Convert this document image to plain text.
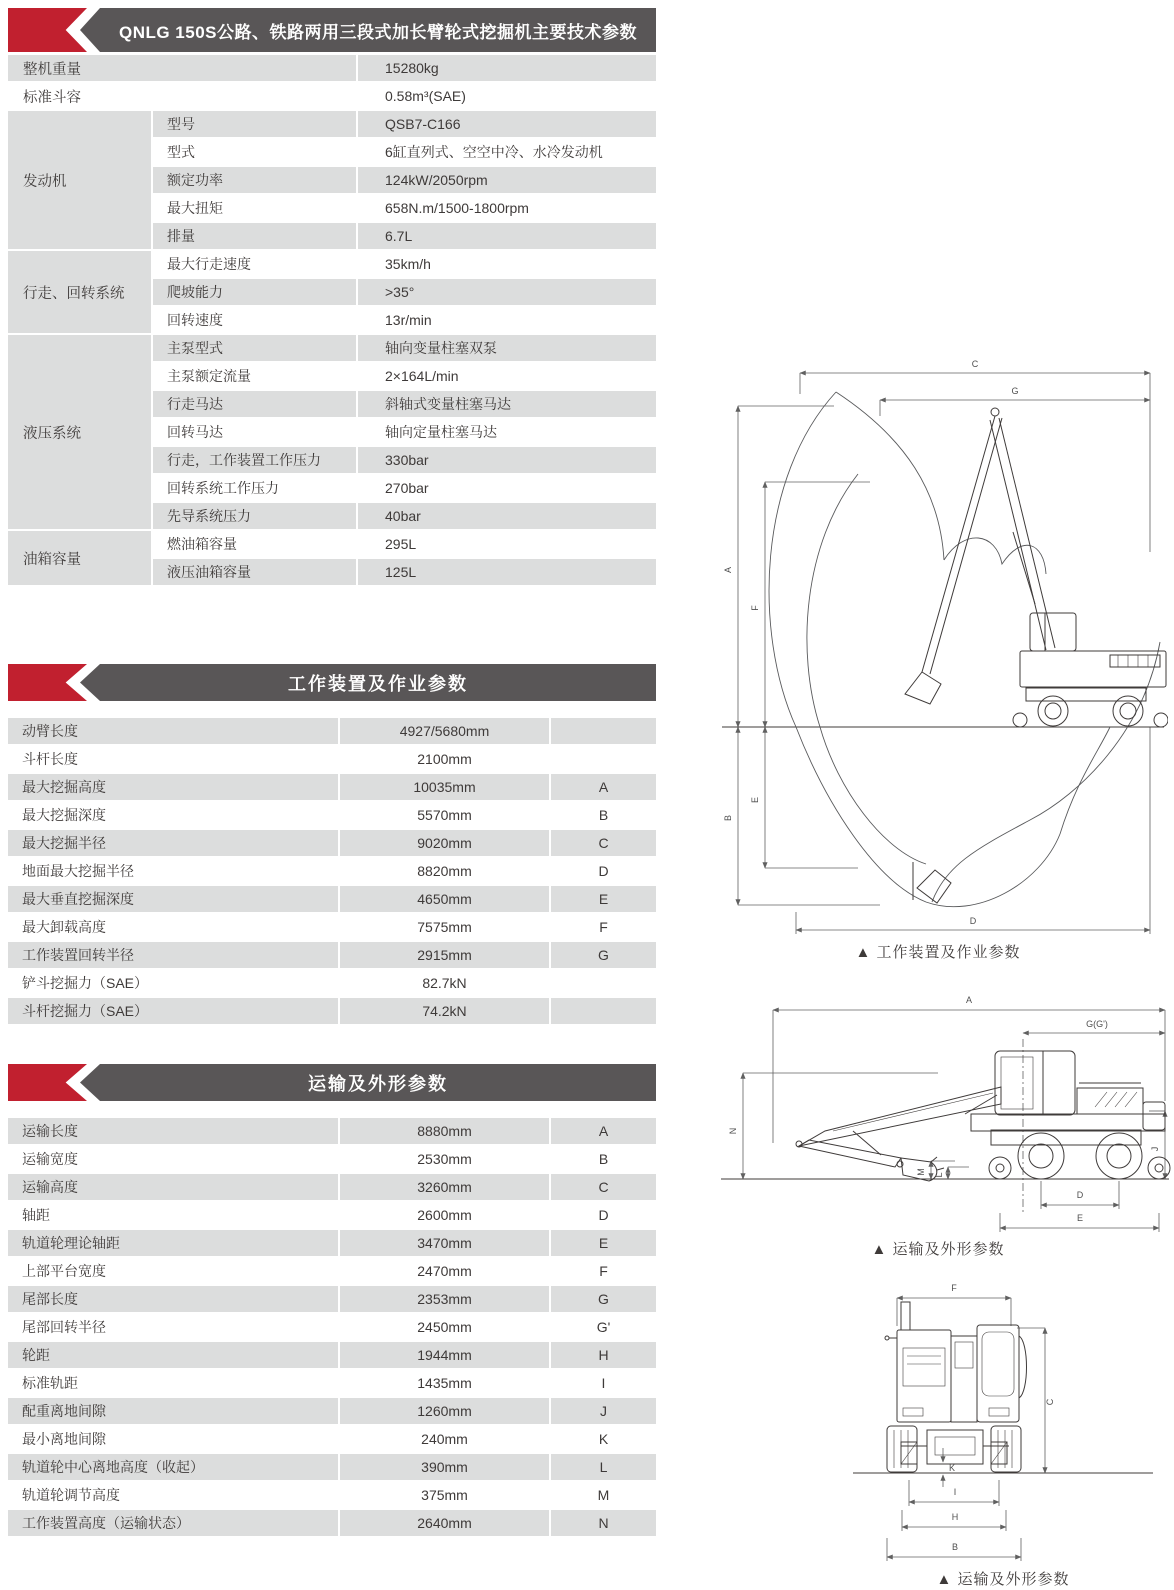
QNLG 150S公路、铁路两用三段式加长臂轮式挖掘机主要技术参数
整机重量		15280kg
标准斗容		0.58m³(SAE)
发动机	型号	QSB7-C166
	型式	6缸直列式、空空中冷、水冷发动机
	额定功率	124kW/2050rpm
	最大扭矩	658N.m/1500-1800rpm
	排量	6.7L
行走、回转系统	最大行走速度	35km/h
	爬坡能力	>35°
	回转速度	13r/min
液压系统	主泵型式	轴向变量柱塞双泵
	主泵额定流量	2×164L/min
	行走马达	斜轴式变量柱塞马达
	回转马达	轴向定量柱塞马达
	行走，工作装置工作压力	330bar
	回转系统工作压力	270bar
	先导系统压力	40bar
油箱容量	燃油箱容量	295L
	液压油箱容量	125L
工作装置及作业参数
动臂长度	4927/5680mm	
斗杆长度	2100mm	
最大挖掘高度	10035mm	A
最大挖掘深度	5570mm	B
最大挖掘半径	9020mm	C
地面最大挖掘半径	8820mm	D
最大垂直挖掘深度	4650mm	E
最大卸载高度	7575mm	F
工作装置回转半径	2915mm	G
铲斗挖掘力（SAE）	82.7kN	
斗杆挖掘力（SAE）	74.2kN	
运输及外形参数
运输长度	8880mm	A
运输宽度	2530mm	B
运输高度	3260mm	C
轴距	2600mm	D
轨道轮理论轴距	3470mm	E
上部平台宽度	2470mm	F
尾部长度	2353mm	G
尾部回转半径	2450mm	G'
轮距	1944mm	H
标准轨距	1435mm	I
配重离地间隙	1260mm	J
最小离地间隙	240mm	K
轨道轮中心离地高度（收起）	390mm	L
轨道轮调节高度	375mm	M
工作装置高度（运输状态）	2640mm	N
C
G
A
F
B
E
D
▲ 工作装置及作业参数
A
G(G')
N
J
M L
D
E
▲ 运输及外形参数
F
C
K
I
H
B
▲ 运输及外形参数
